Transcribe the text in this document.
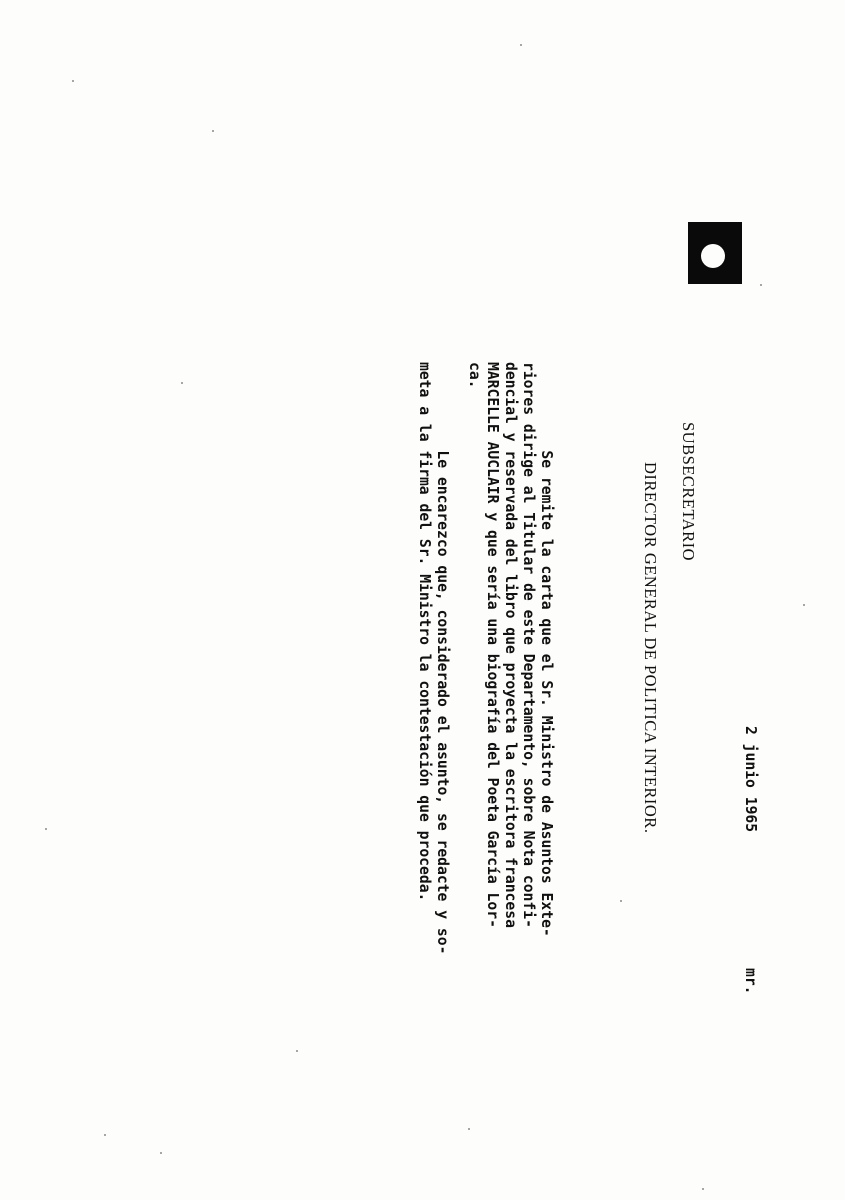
2 junio 1965
mr.
SUBSECRETARIO
DIRECTOR GENERAL DE POLITICA INTERIOR.
Se remite la carta que el Sr. Ministro de Asuntos Exte-
riores dirige al Titular de este Departamento, sobre Nota confi-
dencial y reservada del libro que proyecta la escritora francesa
MARCELLE AUCLAIR y que sería una biografía del Poeta García Lor-
ca.
Le encarezco que, considerado el asunto, se redacte y so-
meta a la firma del Sr. Ministro la contestación que proceda.
